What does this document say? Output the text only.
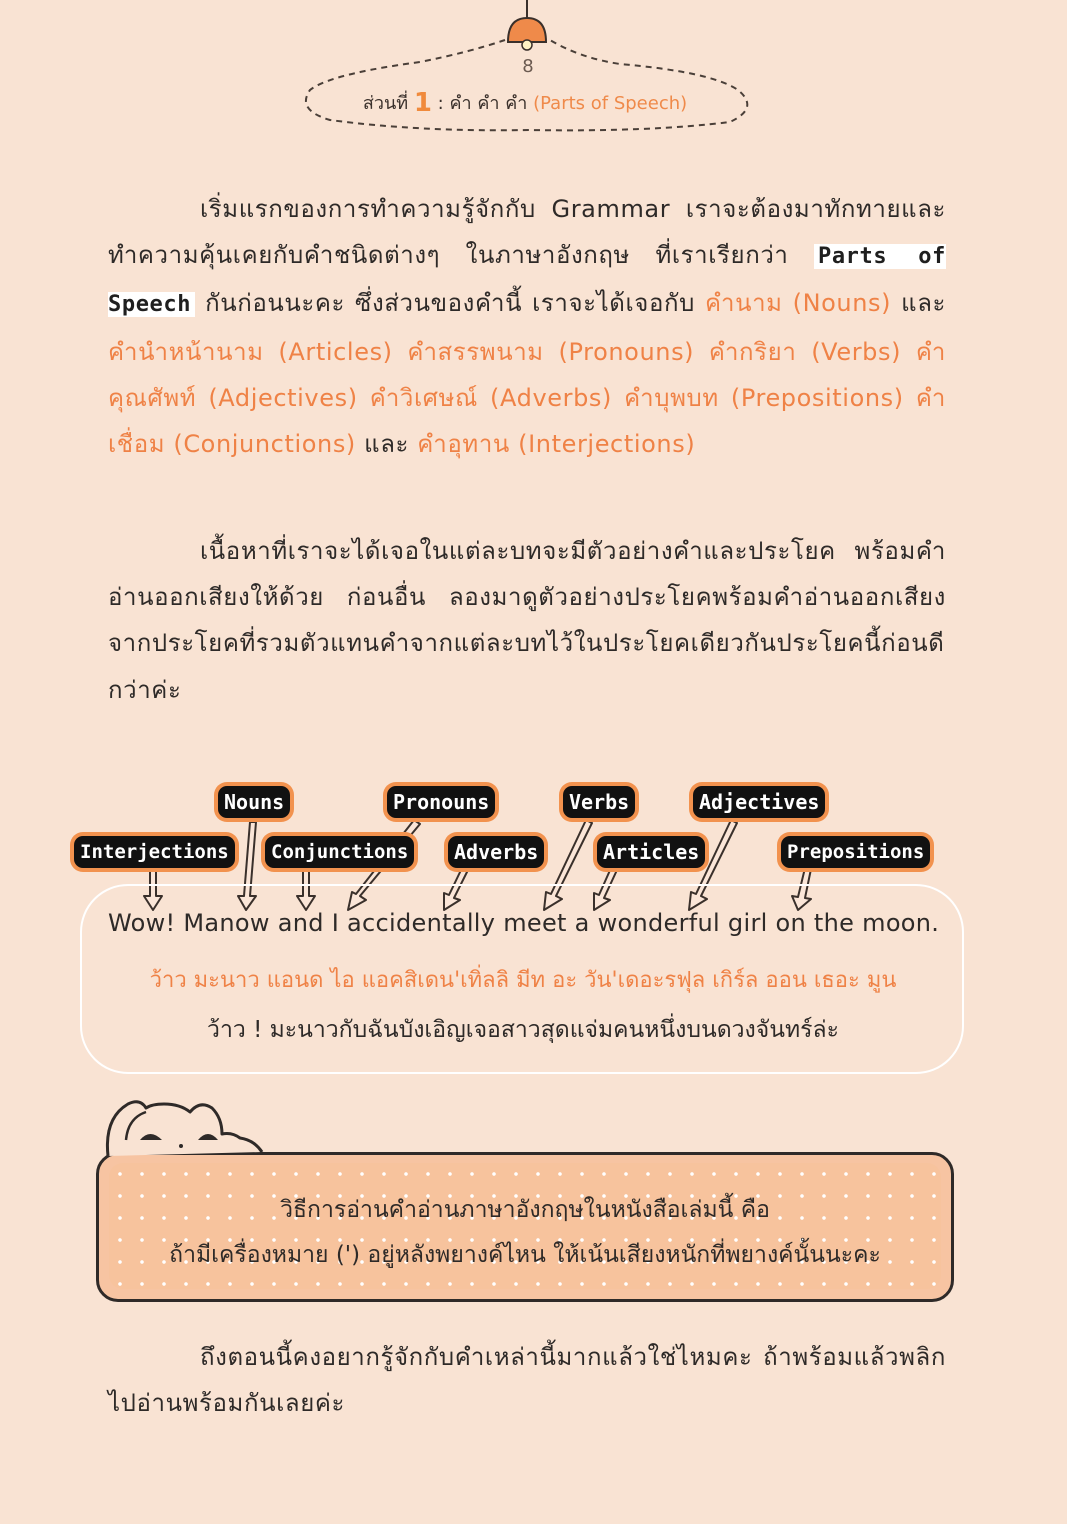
8
ส่วนที่ 1 : คำ คำ คำ (Parts of Speech)
เริ่มแรกของการทำความรู้จักกับ Grammar เราจะต้องมาทักทายและทำความคุ้นเคยกับคำชนิดต่างๆ ในภาษาอังกฤษ ที่เราเรียกว่า Parts of Speech กันก่อนนะคะ ซึ่งส่วนของคำนี้ เราจะได้เจอกับ คำนาม (Nouns) และ คำนำหน้านาม (Articles) คำสรรพนาม (Pronouns) คำกริยา (Verbs) คำคุณศัพท์ (Adjectives) คำวิเศษณ์ (Adverbs) คำบุพบท (Prepositions) คำเชื่อม (Conjunctions) และ คำอุทาน (Interjections)
เนื้อหาที่เราจะได้เจอในแต่ละบทจะมีตัวอย่างคำและประโยค พร้อมคำอ่านออกเสียงให้ด้วย ก่อนอื่น ลองมาดูตัวอย่างประโยคพร้อมคำอ่านออกเสียง จากประโยคที่รวมตัวแทนคำจากแต่ละบทไว้ในประโยคเดียวกันประโยคนี้ก่อนดีกว่าค่ะ
Nouns	Pronouns	Verbs	Adjectives
Interjections	Conjunctions	Adverbs	Articles	Prepositions
Wow! Manow and I accidentally meet a wonderful girl on the moon.
ว้าว มะนาว แอนด ไอ แอคสิเดน'เทิ่ลลิ มีท อะ วัน'เดอะรฟุล เกิร์ล ออน เธอะ มูน
ว้าว ! มะนาวกับฉันบังเอิญเจอสาวสุดแจ่มคนหนึ่งบนดวงจันทร์ล่ะ
วิธีการอ่านคำอ่านภาษาอังกฤษในหนังสือเล่มนี้ คือ
ถ้ามีเครื่องหมาย (') อยู่หลังพยางค์ไหน ให้เน้นเสียงหนักที่พยางค์นั้นนะคะ
ถึงตอนนี้คงอยากรู้จักกับคำเหล่านี้มากแล้วใช่ไหมคะ ถ้าพร้อมแล้วพลิกไปอ่านพร้อมกันเลยค่ะ
